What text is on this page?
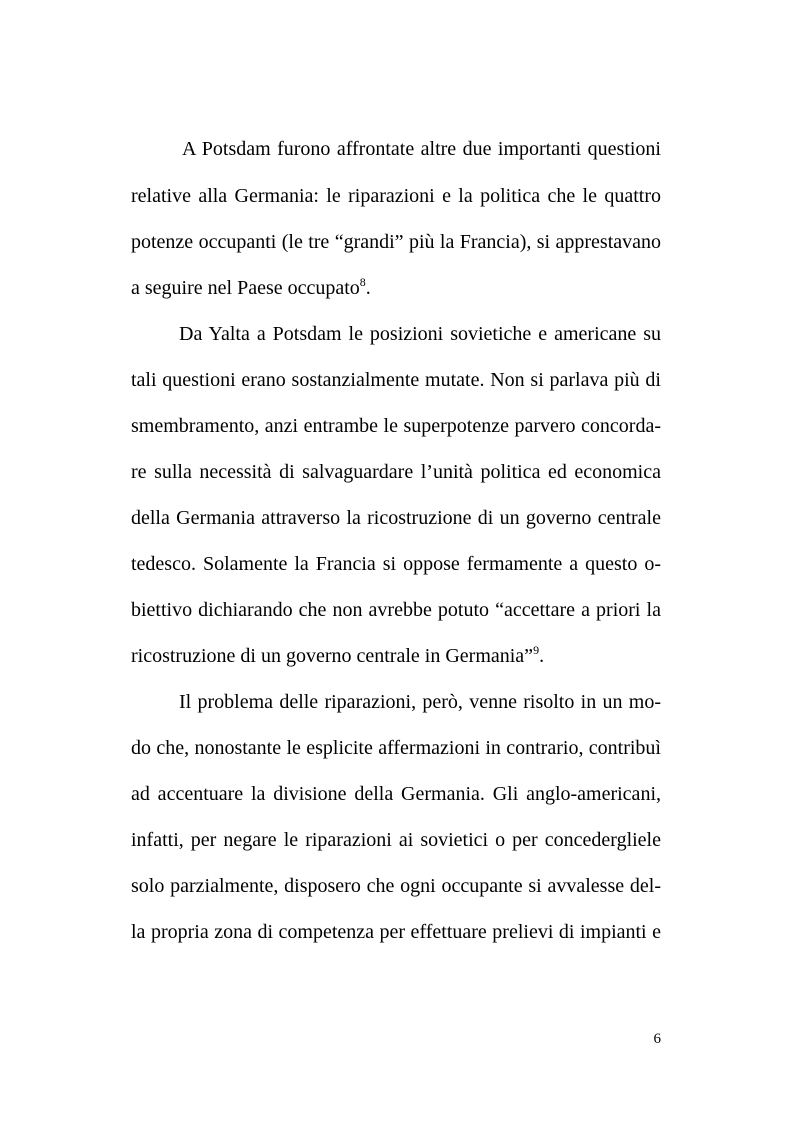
A Potsdam furono affrontate altre due importanti questioni
relative alla Germania: le riparazioni e la politica che le quattro
potenze occupanti (le tre “grandi” più la Francia), si apprestavano
a seguire nel Paese occupato$^8$.
Da Yalta a Potsdam le posizioni sovietiche e americane su
tali questioni erano sostanzialmente mutate. Non si parlava più di
smembramento, anzi entrambe le superpotenze parvero concorda-
re sulla necessità di salvaguardare l’unità politica ed economica
della Germania attraverso la ricostruzione di un governo centrale
tedesco. Solamente la Francia si oppose fermamente a questo o-
biettivo dichiarando che non avrebbe potuto “accettare a priori la
ricostruzione di un governo centrale in Germania”$^9$.
Il problema delle riparazioni, però, venne risolto in un mo-
do che, nonostante le esplicite affermazioni in contrario, contribuì
ad accentuare la divisione della Germania. Gli anglo-americani,
infatti, per negare le riparazioni ai sovietici o per concedergliele
solo parzialmente, disposero che ogni occupante si avvalesse del-
la propria zona di competenza per effettuare prelievi di impianti e
6
